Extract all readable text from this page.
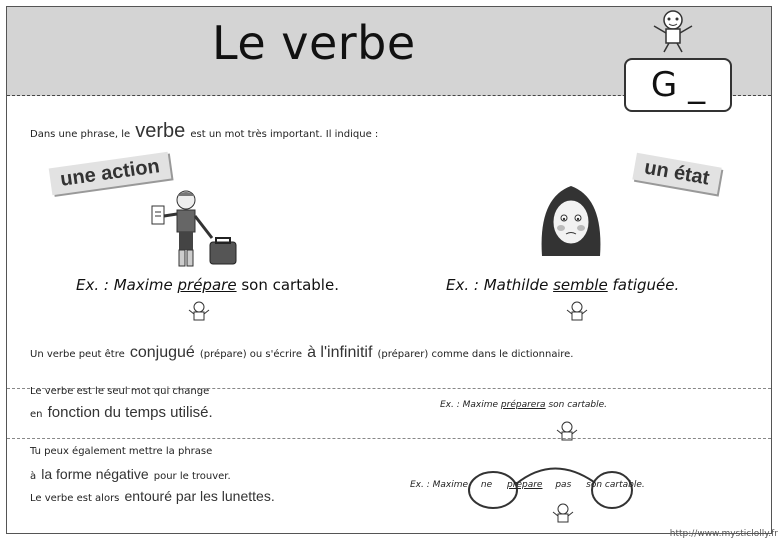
Le verbe
G _
Dans une phrase, le verbe est un mot très important. Il indique :
une action	un état
Ex. : Maxime prépare son cartable.	Ex. : Mathilde semble fatiguée.
Un verbe peut être conjugué (prépare) ou s'écrire à l'infinitif (préparer) comme dans le dictionnaire.
Le verbe est le seul mot qui change
en fonction du temps utilisé.	Ex. : Maxime préparera son cartable.
Tu peux également mettre la phrase
à la forme négative pour le trouver.
Le verbe est alors entouré par les lunettes.
Ex. : Maxime ne prépare pas son cartable.
http://www.mysticlolly.fr
